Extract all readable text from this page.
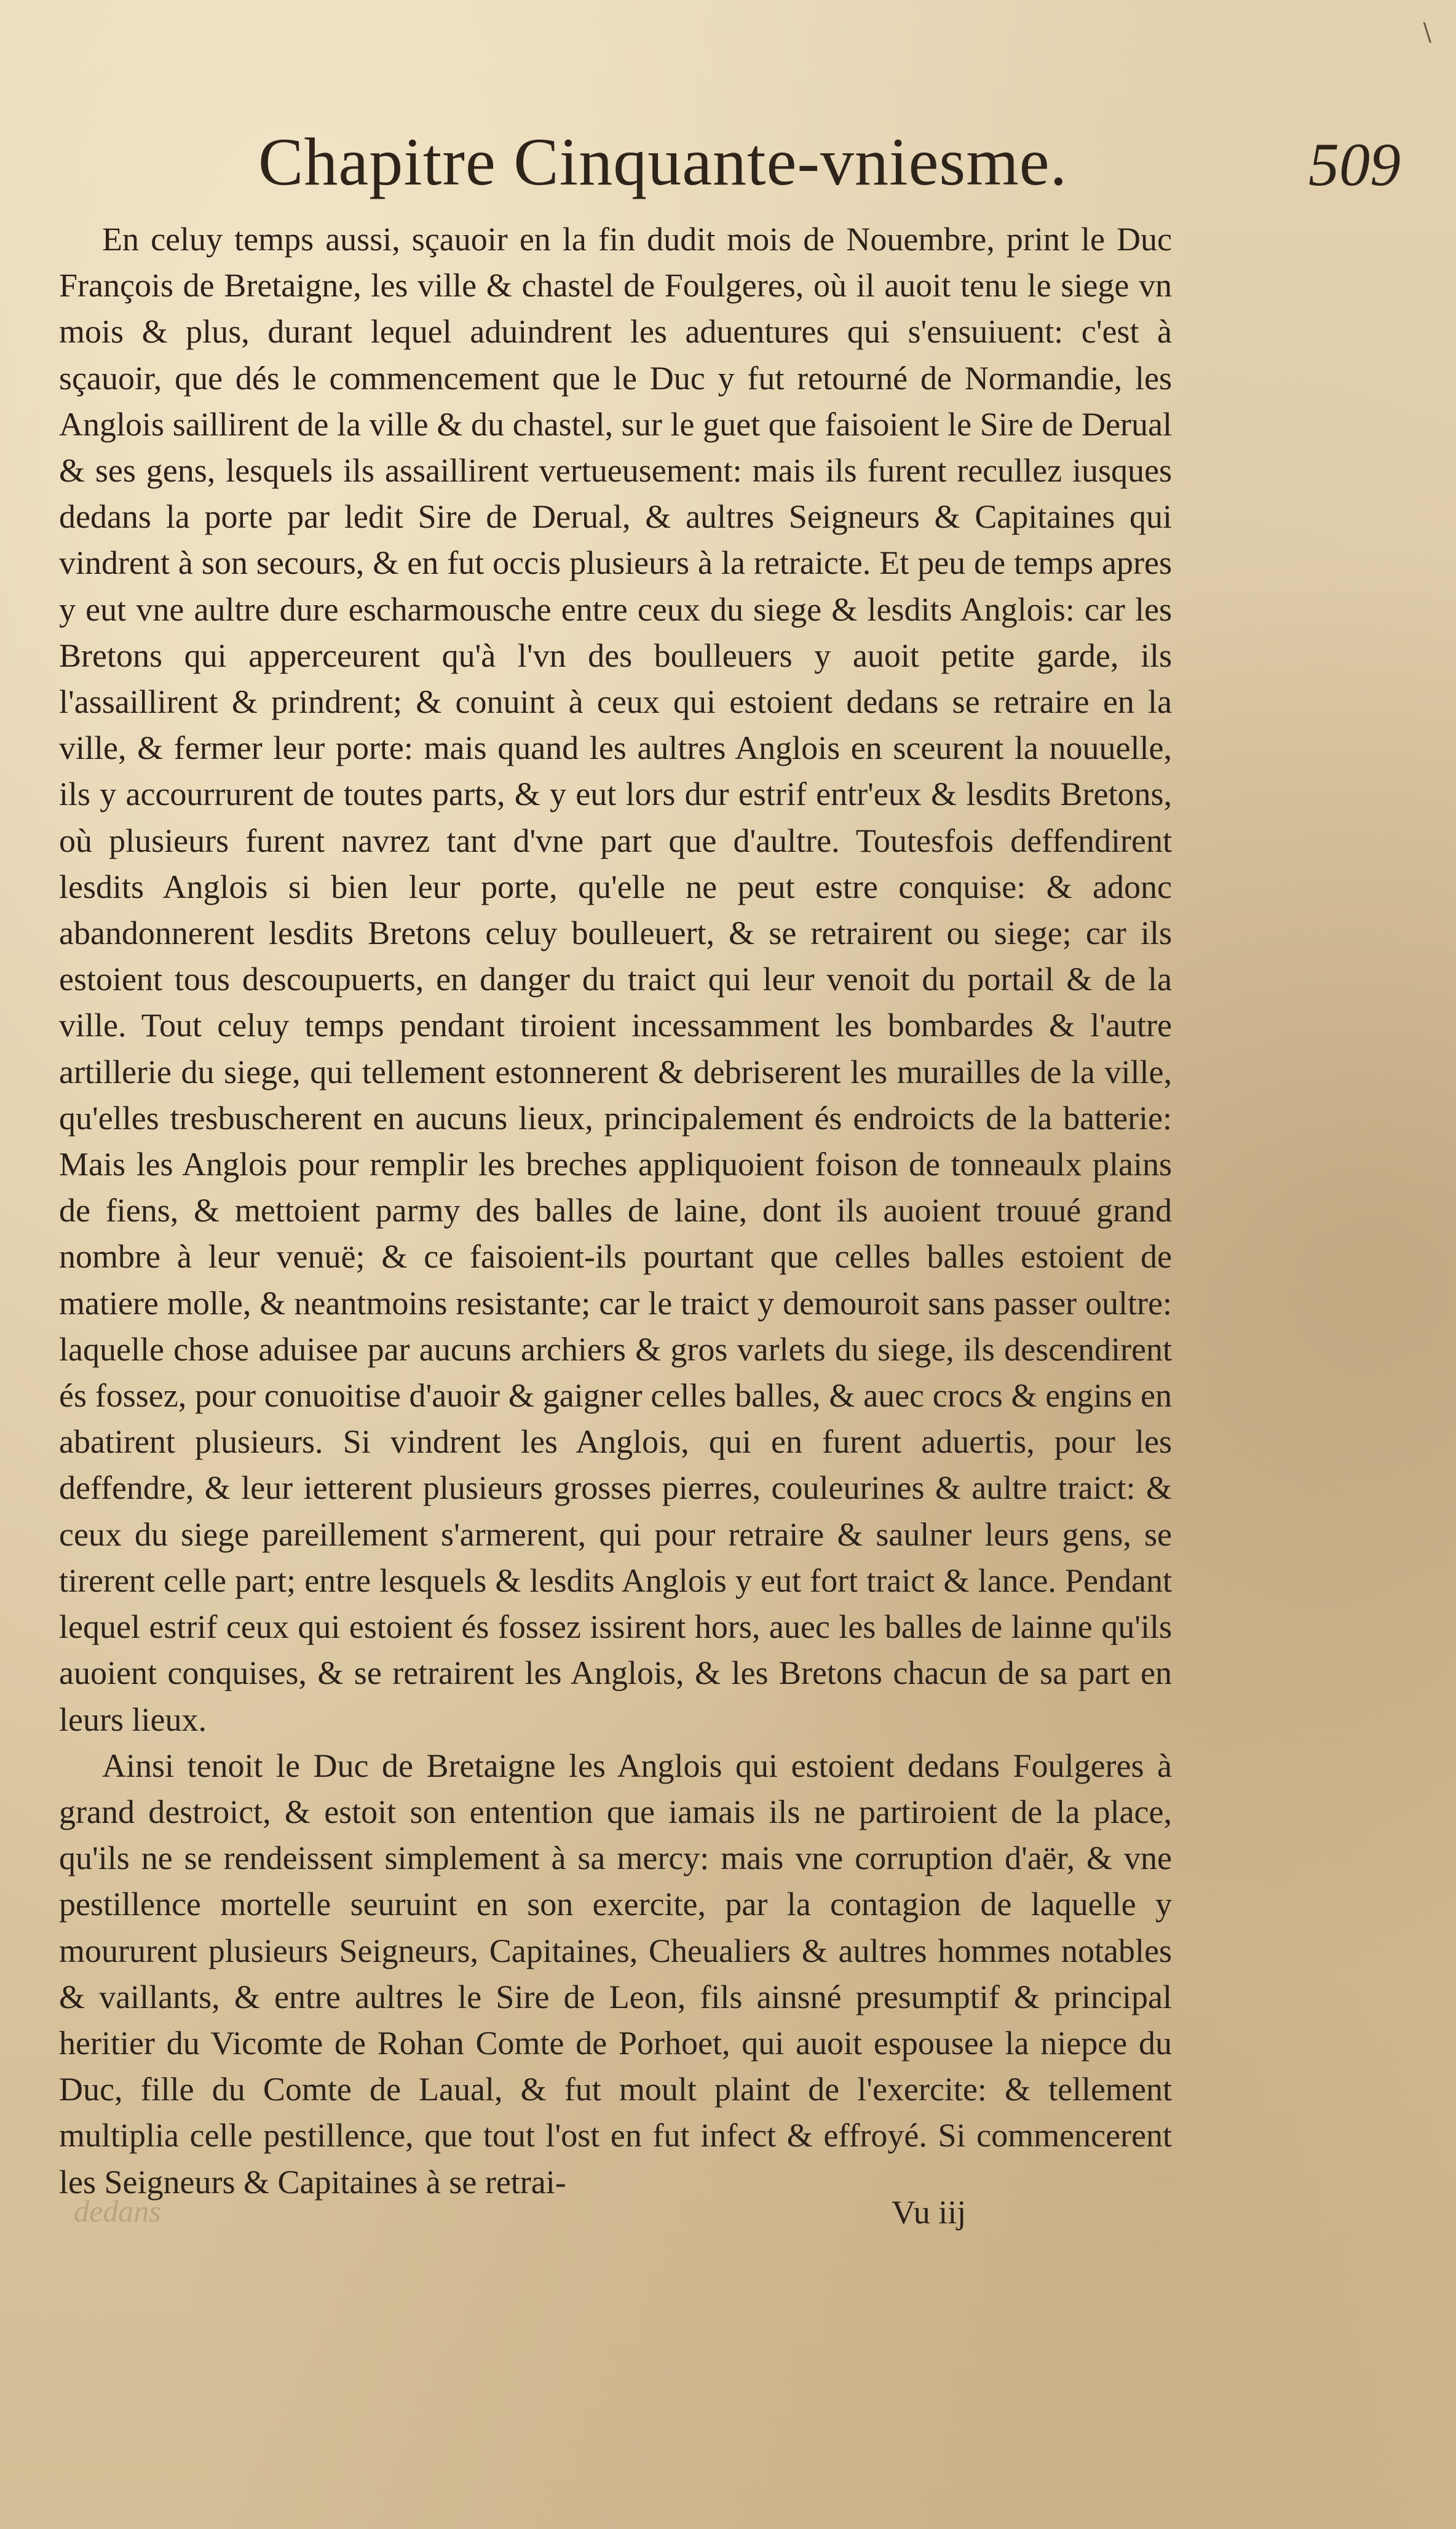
\
Chapitre Cinquante-vniesme.	509

En celuy temps aussi, sçauoir en la fin dudit mois de Nouembre, print le Duc François de Bretaigne, les ville & chastel de Foulgeres, où il auoit tenu le siege vn mois & plus, durant lequel aduindrent les aduentures qui s'ensuiuent: c'est à sçauoir, que dés le commencement que le Duc y fut retourné de Normandie, les Anglois saillirent de la ville & du chastel, sur le guet que faisoient le Sire de Derual & ses gens, lesquels ils assaillirent vertueusement: mais ils furent recullez iusques dedans la porte par ledit Sire de Derual, & aultres Seigneurs & Capitaines qui vindrent à son secours, & en fut occis plusieurs à la retraicte. Et peu de temps apres y eut vne aultre dure escharmousche entre ceux du siege & lesdits Anglois: car les Bretons qui apperceurent qu'à l'vn des boulleuers y auoit petite garde, ils l'assaillirent & prindrent; & conuint à ceux qui estoient dedans se retraire en la ville, & fermer leur porte: mais quand les aultres Anglois en sceurent la nouuelle, ils y accourrurent de toutes parts, & y eut lors dur estrif entr'eux & lesdits Bretons, où plusieurs furent navrez tant d'vne part que d'aultre. Toutesfois deffendirent lesdits Anglois si bien leur porte, qu'elle ne peut estre conquise: & adonc abandonnerent lesdits Bretons celuy boulleuert, & se retrairent ou siege; car ils estoient tous descoupuerts, en danger du traict qui leur venoit du portail & de la ville. Tout celuy temps pendant tiroient incessamment les bombardes & l'autre artillerie du siege, qui tellement estonnerent & debriserent les murailles de la ville, qu'elles tresbuscherent en aucuns lieux, principalement és endroicts de la batterie: Mais les Anglois pour remplir les breches appliquoient foison de tonneaulx plains de fiens, & mettoient parmy des balles de laine, dont ils auoient trouué grand nombre à leur venuë; & ce faisoient-ils pourtant que celles balles estoient de matiere molle, & neantmoins resistante; car le traict y demouroit sans passer oultre: laquelle chose aduisee par aucuns archiers & gros varlets du siege, ils descendirent és fossez, pour conuoitise d'auoir & gaigner celles balles, & auec crocs & engins en abatirent plusieurs. Si vindrent les Anglois, qui en furent aduertis, pour les deffendre, & leur ietterent plusieurs grosses pierres, couleurines & aultre traict: & ceux du siege pareillement s'armerent, qui pour retraire & saulner leurs gens, se tirerent celle part; entre lesquels & lesdits Anglois y eut fort traict & lance. Pendant lequel estrif ceux qui estoient és fossez issirent hors, auec les balles de lainne qu'ils auoient conquises, & se retrairent les Anglois, & les Bretons chacun de sa part en leurs lieux.

Ainsi tenoit le Duc de Bretaigne les Anglois qui estoient dedans Foulgeres à grand destroict, & estoit son entention que iamais ils ne partiroient de la place, qu'ils ne se rendeissent simplement à sa mercy: mais vne corruption d'aër, & vne pestillence mortelle seuruint en son exercite, par la contagion de laquelle y moururent plusieurs Seigneurs, Capitaines, Cheualiers & aultres hommes notables & vaillants, & entre aultres le Sire de Leon, fils ainsné presumptif & principal heritier du Vicomte de Rohan Comte de Porhoet, qui auoit espousee la niepce du Duc, fille du Comte de Laual, & fut moult plaint de l'exercite: & tellement multiplia celle pestillence, que tout l'ost en fut infect & effroyé. Si commencerent les Seigneurs & Capitaines à se retrai-

dedans	Vu iij
